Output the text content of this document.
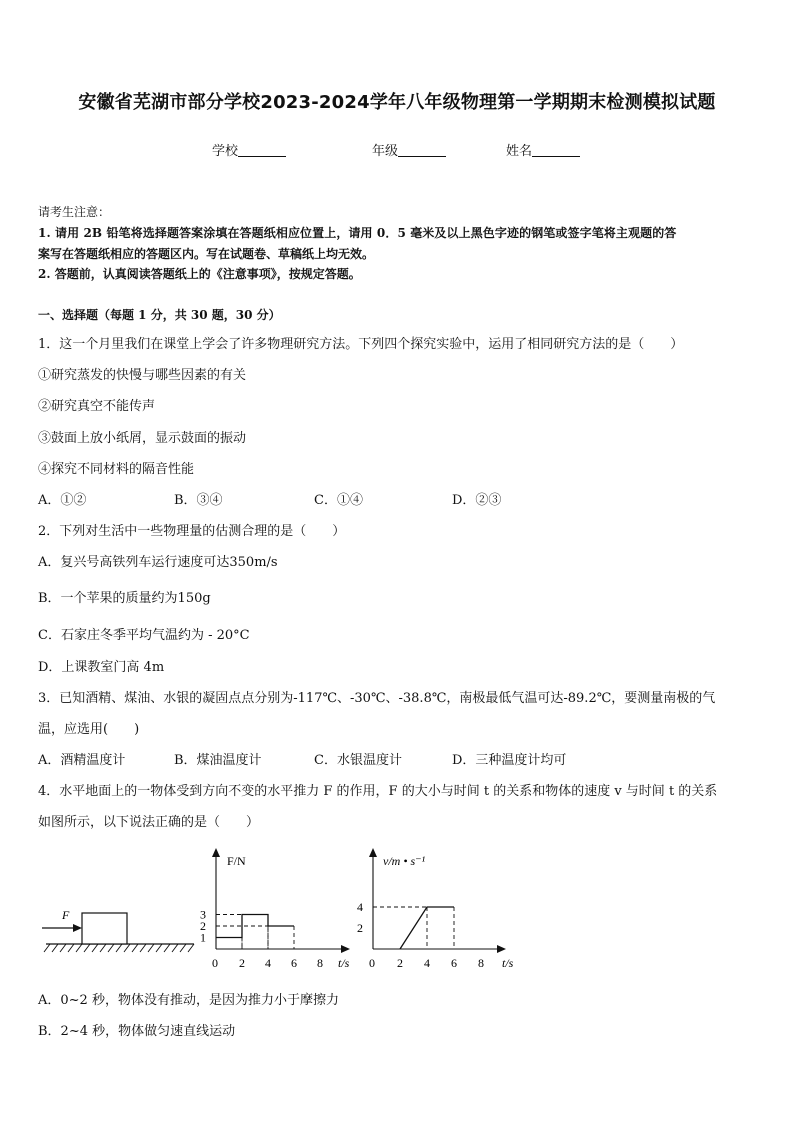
安徽省芜湖市部分学校2023-2024学年八年级物理第一学期期末检测模拟试题
学校	年级	姓名
请考生注意：
1. 请用 2B 铅笔将选择题答案涂填在答题纸相应位置上，请用 0．5 毫米及以上黑色字迹的钢笔或签字笔将主观题的答
案写在答题纸相应的答题区内。写在试题卷、草稿纸上均无效。
2. 答题前，认真阅读答题纸上的《注意事项》，按规定答题。
一、选择题（每题 1 分，共 30 题，30 分）
1．这一个月里我们在课堂上学会了许多物理研究方法。下列四个探究实验中，运用了相同研究方法的是（　　）
①研究蒸发的快慢与哪些因素的有关
②研究真空不能传声
③鼓面上放小纸屑，显示鼓面的振动
④探究不同材料的隔音性能
A．①②	B．③④	C．①④	D．②③
2．下列对生活中一些物理量的估测合理的是（　　）
A．复兴号高铁列车运行速度可达350m/s
B．一个苹果的质量约为150g
C．石家庄冬季平均气温约为 - 20°C
D．上课教室门高 4m
3．已知酒精、煤油、水银的凝固点点分别为-117℃、-30℃、-38.8℃，南极最低气温可达-89.2℃，要测量南极的气
温，应选用(　　)
A．酒精温度计	B．煤油温度计	C．水银温度计	D．三种温度计均可
4．水平地面上的一物体受到方向不变的水平推力 F 的作用，F 的大小与时间 t 的关系和物体的速度 v 与时间 t 的关系
如图所示，以下说法正确的是（　　）
F
F/N
t/s
1
2
3
0 2 4 6 8
v/m • s⁻¹
t/s
2
4
0 2 4 6 8
A．0~2 秒，物体没有推动，是因为推力小于摩擦力
B．2~4 秒，物体做匀速直线运动
